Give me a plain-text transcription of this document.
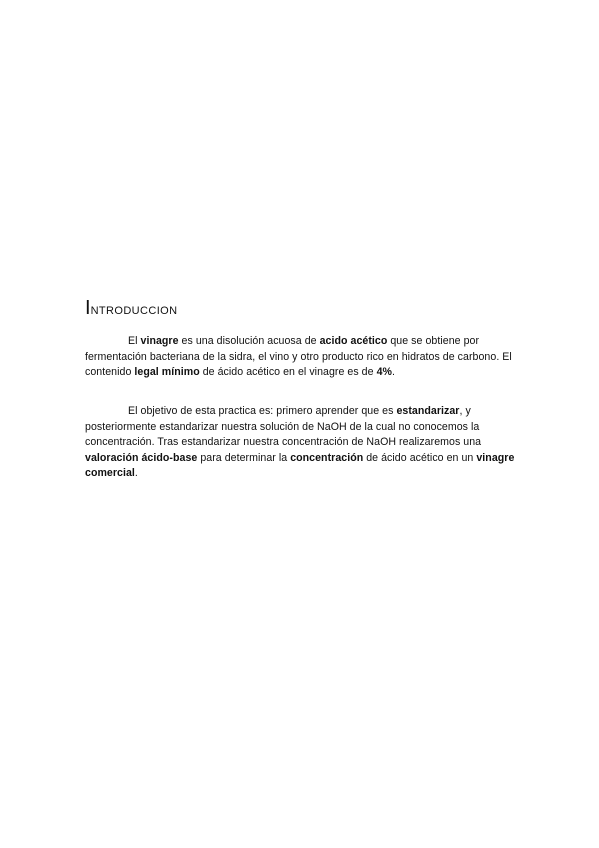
INTRODUCCION

El vinagre es una disolución acuosa de acido acético que se obtiene por fermentación bacteriana de la sidra, el vino y otro producto rico en hidratos de carbono. El contenido legal mínimo de ácido acético en el vinagre es de 4%.

El objetivo de esta practica es: primero aprender que es estandarizar, y posteriormente estandarizar nuestra solución de NaOH de la cual no conocemos la concentración. Tras estandarizar nuestra concentración de NaOH realizaremos una valoración ácido-base para determinar la concentración de ácido acético en un vinagre comercial.
